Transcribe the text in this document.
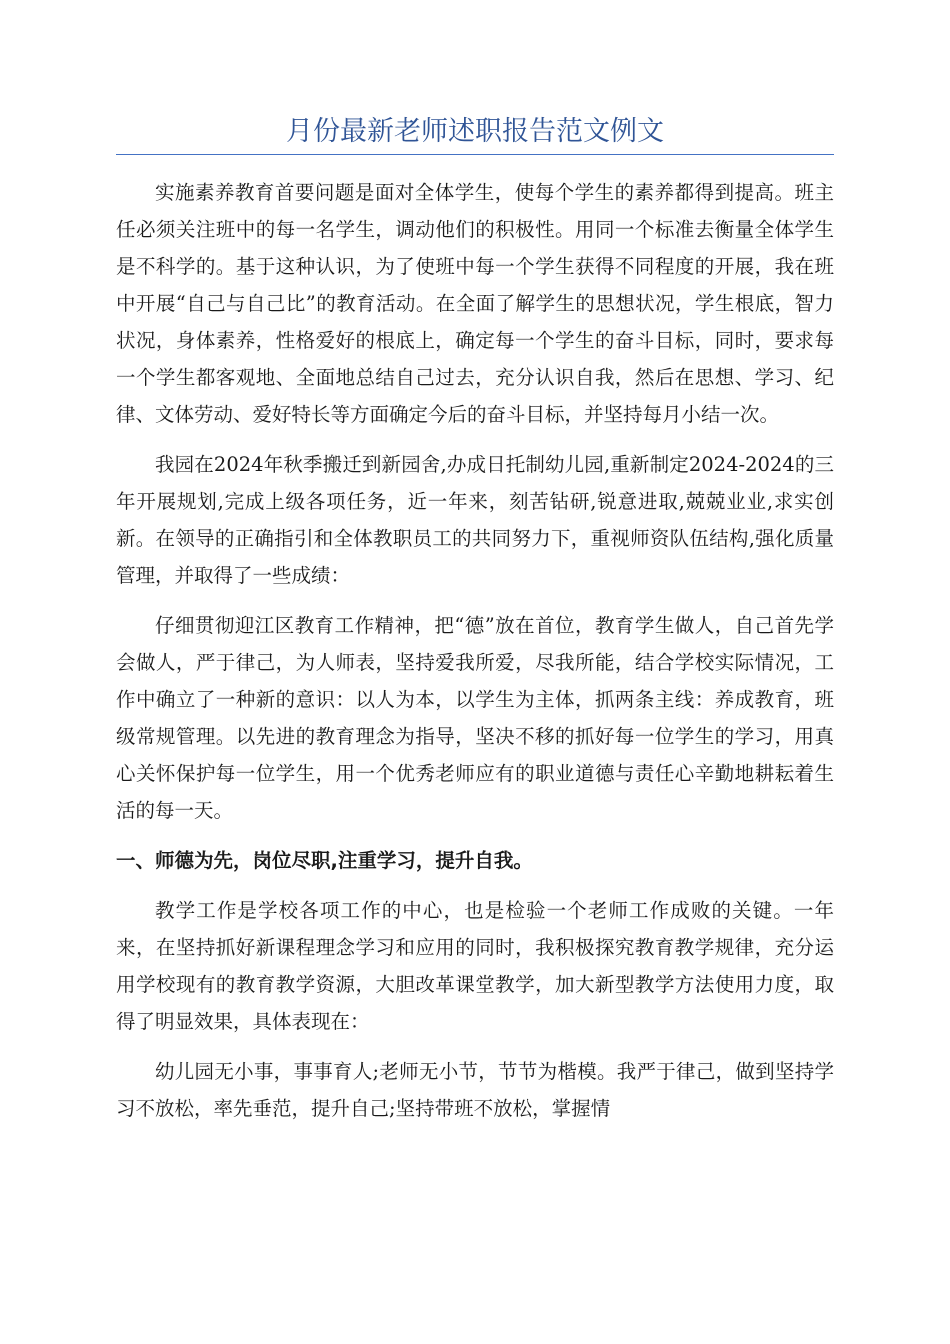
月份最新老师述职报告范文例文

实施素养教育首要问题是面对全体学生，使每个学生的素养都得到提高。班主任必须关注班中的每一名学生，调动他们的积极性。用同一个标准去衡量全体学生是不科学的。基于这种认识，为了使班中每一个学生获得不同程度的开展，我在班中开展“自己与自己比”的教育活动。在全面了解学生的思想状况，学生根底，智力状况，身体素养，性格爱好的根底上，确定每一个学生的奋斗目标，同时，要求每一个学生都客观地、全面地总结自己过去，充分认识自我，然后在思想、学习、纪律、文体劳动、爱好特长等方面确定今后的奋斗目标，并坚持每月小结一次。

我园在2024年秋季搬迁到新园舍,办成日托制幼儿园,重新制定2024-2024的三年开展规划,完成上级各项任务，近一年来，刻苦钻研,锐意进取,兢兢业业,求实创新。在领导的正确指引和全体教职员工的共同努力下，重视师资队伍结构,强化质量管理，并取得了一些成绩：

仔细贯彻迎江区教育工作精神，把“德”放在首位，教育学生做人，自己首先学会做人，严于律己，为人师表，坚持爱我所爱，尽我所能，结合学校实际情况，工作中确立了一种新的意识：以人为本，以学生为主体，抓两条主线：养成教育，班级常规管理。以先进的教育理念为指导，坚决不移的抓好每一位学生的学习，用真心关怀保护每一位学生，用一个优秀老师应有的职业道德与责任心辛勤地耕耘着生活的每一天。

一、师德为先，岗位尽职,注重学习，提升自我。

教学工作是学校各项工作的中心，也是检验一个老师工作成败的关键。一年来，在坚持抓好新课程理念学习和应用的同时，我积极探究教育教学规律，充分运用学校现有的教育教学资源，大胆改革课堂教学，加大新型教学方法使用力度，取得了明显效果，具体表现在：

幼儿园无小事，事事育人;老师无小节，节节为楷模。我严于律己，做到坚持学习不放松，率先垂范，提升自己;坚持带班不放松，掌握情
